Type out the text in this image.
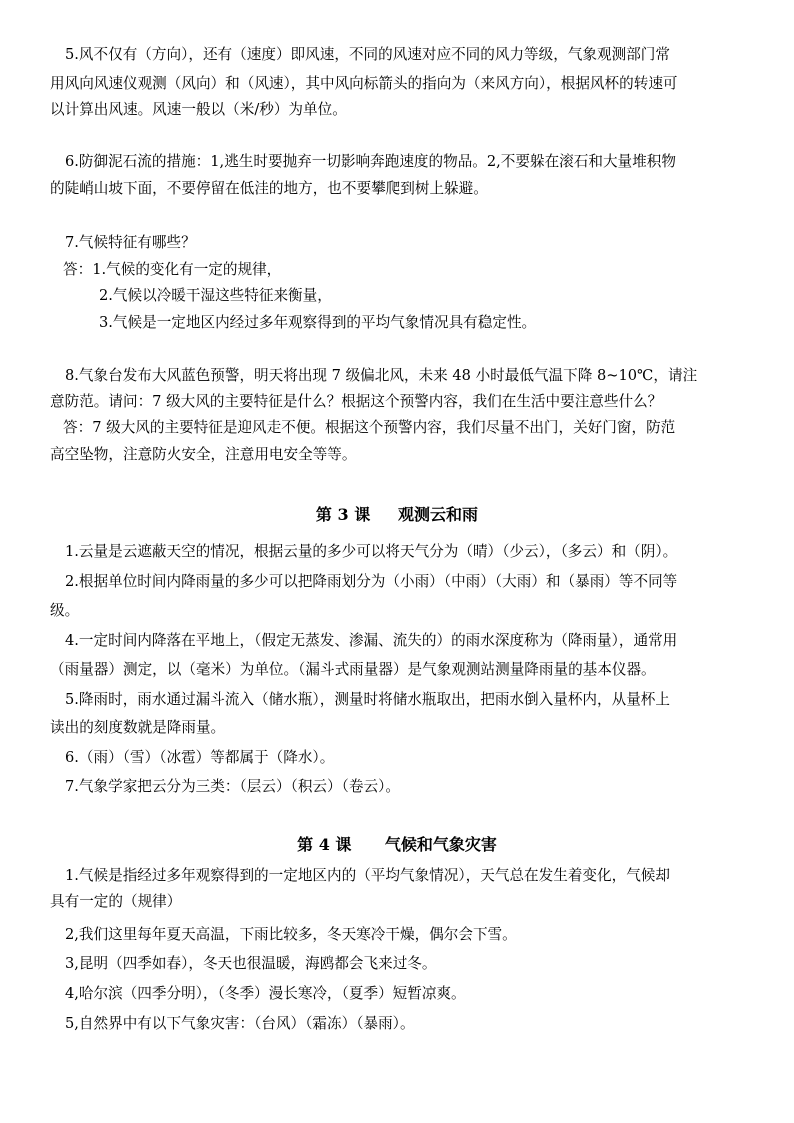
5.风不仅有（方向），还有（速度）即风速，不同的风速对应不同的风力等级，气象观测部门常
用风向风速仪观测（风向）和（风速），其中风向标箭头的指向为（来风方向），根据风杯的转速可
以计算出风速。风速一般以（米/秒）为单位。
6.防御泥石流的措施：1,逃生时要抛弃一切影响奔跑速度的物品。2,不要躲在滚石和大量堆积物
的陡峭山坡下面，不要停留在低洼的地方，也不要攀爬到树上躲避。
7.气候特征有哪些？
答：1.气候的变化有一定的规律，
2.气候以冷暖干湿这些特征来衡量，
3.气候是一定地区内经过多年观察得到的平均气象情况具有稳定性。
8.气象台发布大风蓝色预警，明天将出现 7 级偏北风，未来 48 小时最低气温下降 8~10℃，请注
意防范。请问：7 级大风的主要特征是什么？根据这个预警内容，我们在生活中要注意些什么？
答：7 级大风的主要特征是迎风走不便。根据这个预警内容，我们尽量不出门，关好门窗，防范
高空坠物，注意防火安全，注意用电安全等等。
第 3 课     观测云和雨
1.云量是云遮蔽天空的情况，根据云量的多少可以将天气分为（晴）（少云），（多云）和（阴）。
2.根据单位时间内降雨量的多少可以把降雨划分为（小雨）（中雨）（大雨）和（暴雨）等不同等
级。
4.一定时间内降落在平地上，（假定无蒸发、渗漏、流失的）的雨水深度称为（降雨量），通常用
（雨量器）测定，以（毫米）为单位。（漏斗式雨量器）是气象观测站测量降雨量的基本仪器。
5.降雨时，雨水通过漏斗流入（储水瓶），测量时将储水瓶取出，把雨水倒入量杯内，从量杯上
读出的刻度数就是降雨量。
6.（雨）（雪）（冰雹）等都属于（降水）。
7.气象学家把云分为三类：（层云）（积云）（卷云）。
第 4 课      气候和气象灾害
1.气候是指经过多年观察得到的一定地区内的（平均气象情况），天气总在发生着变化，气候却
具有一定的（规律）
2,我们这里每年夏天高温，下雨比较多，冬天寒冷干燥，偶尔会下雪。
3,昆明（四季如春），冬天也很温暖，海鸥都会飞来过冬。
4,哈尔滨（四季分明），（冬季）漫长寒冷，（夏季）短暂凉爽。
5,自然界中有以下气象灾害：（台风）（霜冻）（暴雨）。
